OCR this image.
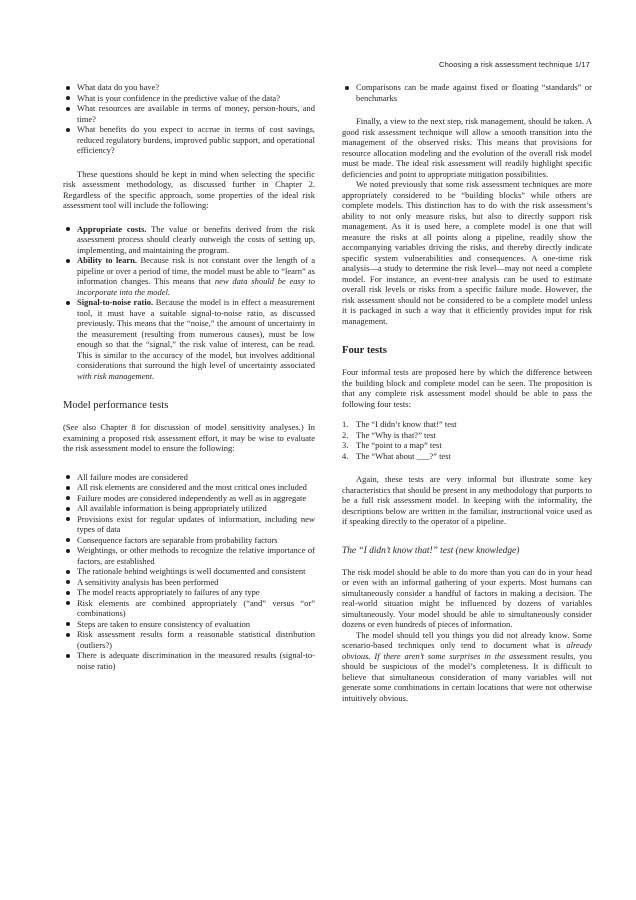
Choosing a risk assessment technique 1/17
What data do you have?
What is your confidence in the predictive value of the data?
What resources are available in terms of money, person-hours, and time?
What benefits do you expect to accrue in terms of cost savings, reduced regulatory burdens, improved public support, and operational efficiency?

These questions should be kept in mind when selecting the specific risk assessment methodology, as discussed further in Chapter 2. Regardless of the specific approach, some properties of the ideal risk assessment tool will include the following:

Appropriate costs. The value or benefits derived from the risk assessment process should clearly outweigh the costs of setting up, implementing, and maintaining the program.
Ability to learn. Because risk is not constant over the length of a pipeline or over a period of time, the model must be able to “learn” as information changes. This means that new data should be easy to incorporate into the model.
Signal-to-noise ratio. Because the model is in effect a measurement tool, it must have a suitable signal-to-noise ratio, as discussed previously. This means that the “noise,” the amount of uncertainty in the measurement (resulting from numerous causes), must be low enough so that the “signal,” the risk value of interest, can be read. This is similar to the accuracy of the model, but involves additional considerations that surround the high level of uncertainty associated with risk management.
Model performance tests

(See also Chapter 8 for discussion of model sensitivity analyses.) In examining a proposed risk assessment effort, it may be wise to evaluate the risk assessment model to ensure the following:

All failure modes are considered
All risk elements are considered and the most critical ones included
Failure modes are considered independently as well as in aggregate
All available information is being appropriately utilized
Provisions exist for regular updates of information, including new types of data
Consequence factors are separable from probability factors
Weightings, or other methods to recognize the relative importance of factors, are established
The rationale behind weightings is well documented and consistent
A sensitivity analysis has been performed
The model reacts appropriately to failures of any type
Risk elements are combined appropriately (“and” versus “or” combinations)
Steps are taken to ensure consistency of evaluation
Risk assessment results form a reasonable statistical distribution (outliers?)
There is adequate discrimination in the measured results (signal-to-noise ratio)
Comparisons can be made against fixed or floating “standards” or benchmarks

Finally, a view to the next step, risk management, should be taken. A good risk assessment technique will allow a smooth transition into the management of the observed risks. This means that provisions for resource allocation modeling and the evolution of the overall risk model must be made. The ideal risk assessment will readily highlight specific deficiencies and point to appropriate mitigation possibilities.

We noted previously that some risk assessment techniques are more appropriately considered to be “building blocks” while others are complete models. This distinction has to do with the risk assessment’s ability to not only measure risks, but also to directly support risk management. As it is used here, a complete model is one that will measure the risks at all points along a pipeline, readily show the accompanying variables driving the risks, and thereby directly indicate specific system vulnerabilities and consequences. A one-time risk analysis—a study to determine the risk level—may not need a complete model. For instance, an event-tree analysis can be used to estimate overall risk levels or risks from a specific failure mode. However, the risk assessment should not be considered to be a complete model unless it is packaged in such a way that it efficiently provides input for risk management.

Four tests

Four informal tests are proposed here by which the difference between the building block and complete model can be seen. The proposition is that any complete risk assessment model should be able to pass the following four tests:

1. The “I didn’t know that!” test
2. The “Why is that?” test
3. The “point to a map” test
4. The “What about ___?” test

Again, these tests are very informal but illustrate some key characteristics that should be present in any methodology that purports to be a full risk assessment model. In keeping with the informality, the descriptions below are written in the familiar, instructional voice used as if speaking directly to the operator of a pipeline.

The “I didn’t know that!” test (new knowledge)

The risk model should be able to do more than you can do in your head or even with an informal gathering of your experts. Most humans can simultaneously consider a handful of factors in making a decision. The real-world situation might be influenced by dozens of variables simultaneously. Your model should be able to simultaneously consider dozens or even hundreds of pieces of information.

The model should tell you things you did not already know. Some scenario-based techniques only tend to document what is already obvious. If there aren’t some surprises in the assessment results, you should be suspicious of the model’s completeness. It is difficult to believe that simultaneous consideration of many variables will not generate some combinations in certain locations that were not otherwise intuitively obvious.
